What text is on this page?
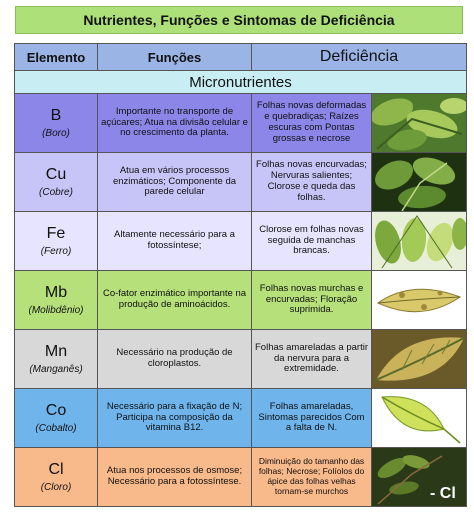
Nutrientes, Funções e Sintomas de Deficiência
Elemento	Funções	Deficiência	
Micronutrientes			

B
(Boro)	Importante no transporte de açúcares; Atua na divisão celular e no crescimento da planta.	Folhas novas deformadas e quebradiças; Raízes escuras com Pontas grossas e necrose	

Cu
(Cobre)	Atua em vários processos enzimáticos; Componente da parede celular	Folhas novas encurvadas; Nervuras salientes; Clorose e queda das folhas.	

Fe
(Ferro)	Altamente necessário para a fotossíntese;	Clorose em folhas novas seguida de manchas brancas.	

Mb
(Molibdênio)	Co-fator enzimático importante na produção de aminoácidos.	Folhas novas murchas e encurvadas; Floração suprimida.	

Mn
(Manganês)	Necessário na produção de cloroplastos.	Folhas amareladas a partir da nervura para a extremidade.	

Co
(Cobalto)	Necessário para a fixação de N; Participa na composição da vitamina B12.	Folhas amareladas, Sintomas parecidos Com a falta de N.	

Cl
(Cloro)	Atua nos processos de osmose; Necessário para a fotossíntese.	Diminuição do tamanho das folhas; Necrose; Folíolos do ápice das folhas velhas tornam-se murchos	- Cl
